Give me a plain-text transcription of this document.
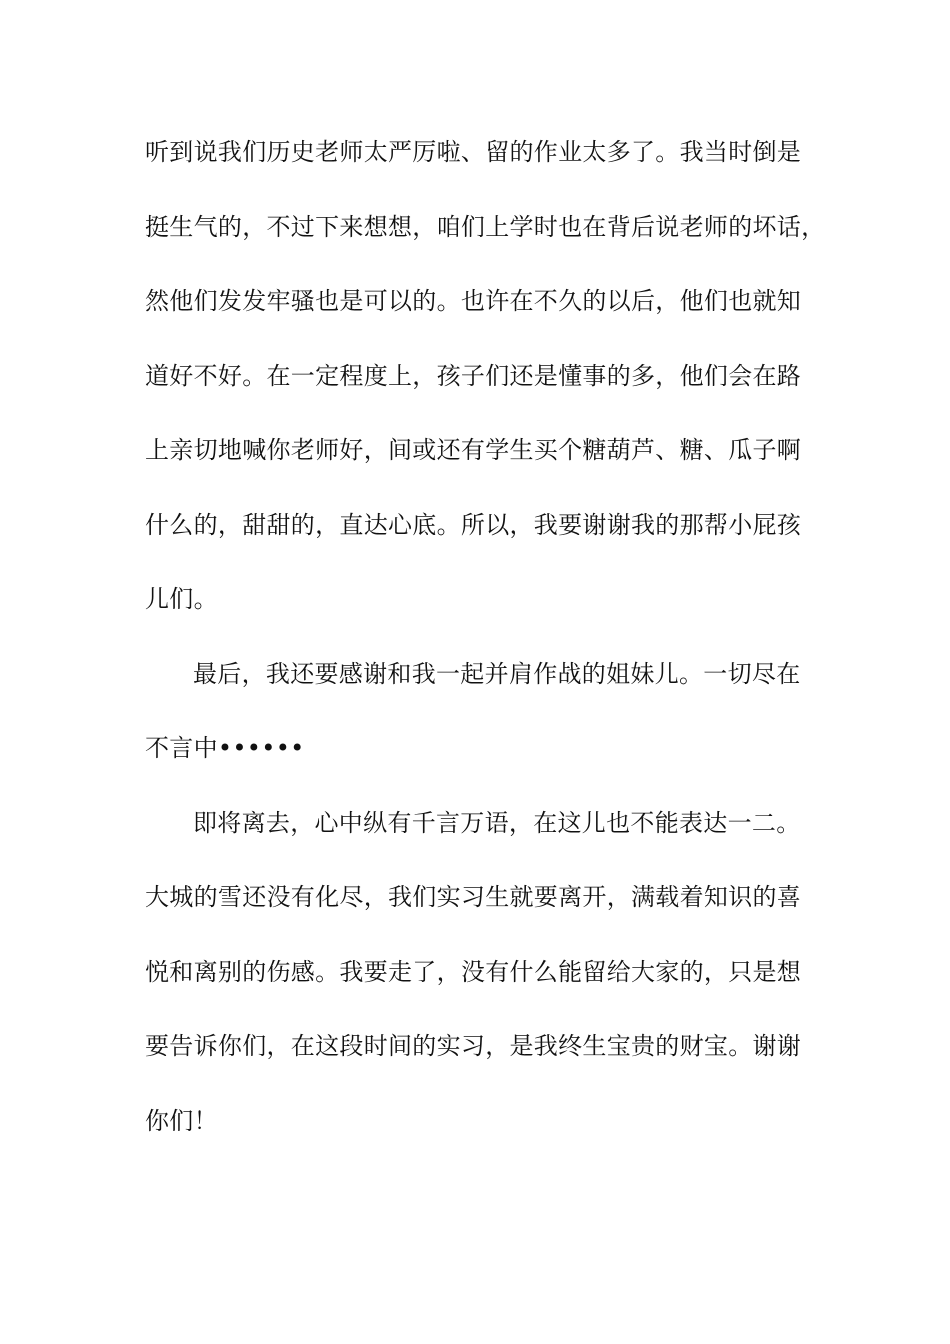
听到说我们历史老师太严厉啦、留的作业太多了。我当时倒是
挺生气的，不过下来想想，咱们上学时也在背后说老师的坏话，
然他们发发牢骚也是可以的。也许在不久的以后，他们也就知
道好不好。在一定程度上，孩子们还是懂事的多，他们会在路
上亲切地喊你老师好，间或还有学生买个糖葫芦、糖、瓜子啊
什么的，甜甜的，直达心底。所以，我要谢谢我的那帮小屁孩
儿们。
最后，我还要感谢和我一起并肩作战的姐妹儿。一切尽在
不言中••••••
即将离去，心中纵有千言万语，在这儿也不能表达一二。
大城的雪还没有化尽，我们实习生就要离开，满载着知识的喜
悦和离别的伤感。我要走了，没有什么能留给大家的，只是想
要告诉你们，在这段时间的实习，是我终生宝贵的财宝。谢谢
你们！
